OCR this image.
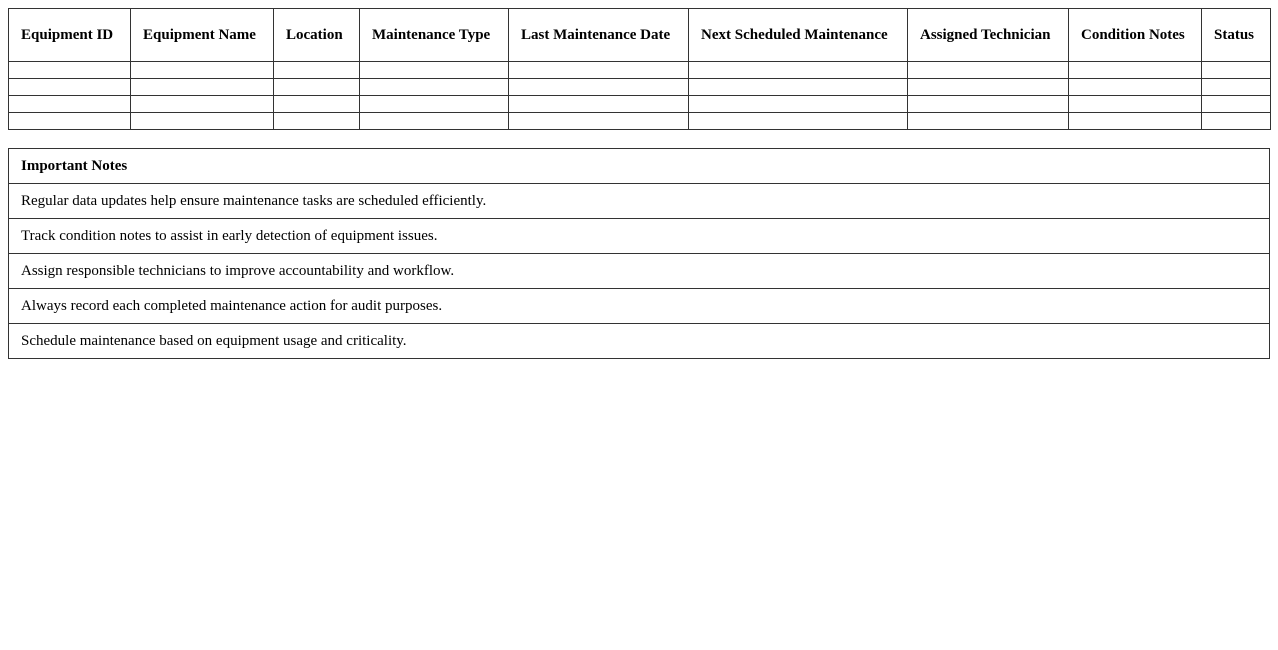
Equipment ID	Equipment Name	Location	Maintenance Type	Last Maintenance Date	Next Scheduled Maintenance	Assigned Technician	Condition Notes	Status

Important Notes
Regular data updates help ensure maintenance tasks are scheduled efficiently.
Track condition notes to assist in early detection of equipment issues.
Assign responsible technicians to improve accountability and workflow.
Always record each completed maintenance action for audit purposes.
Schedule maintenance based on equipment usage and criticality.
